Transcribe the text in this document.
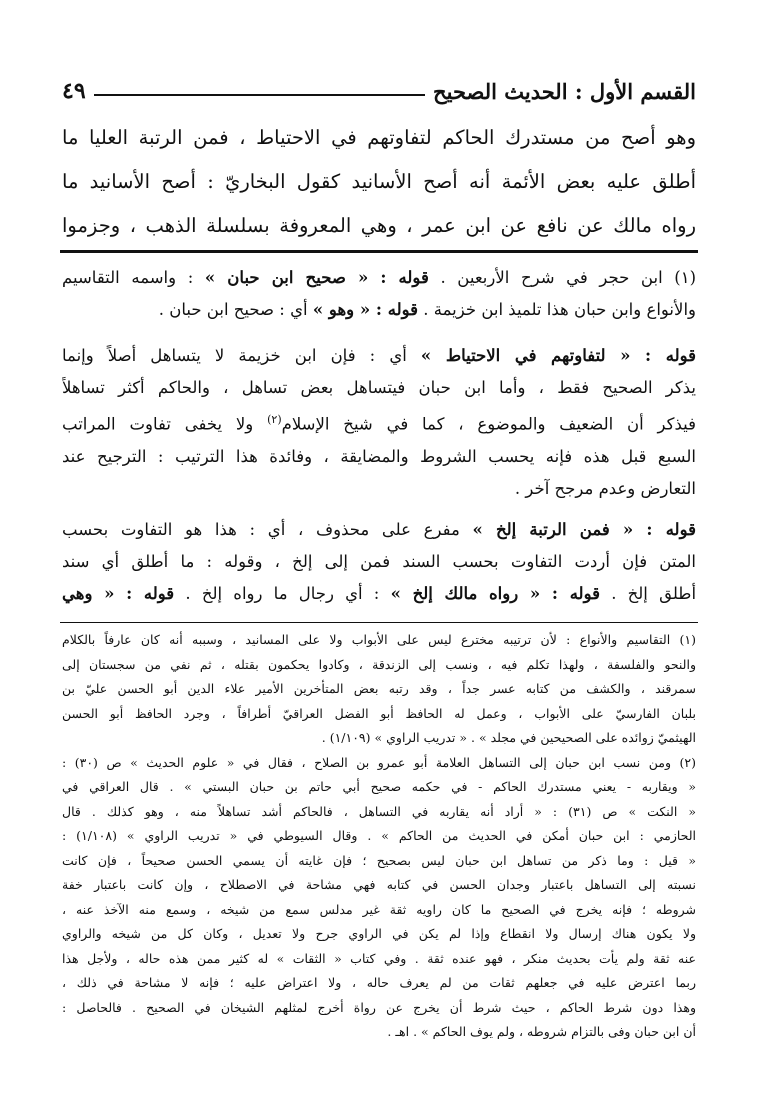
القسم الأول : الحديث الصحيح
٤٩
وهو أصح من مستدرك الحاكم لتفاوتهم في الاحتياط ، فمن الرتبة العليا ما
أطلق عليه بعض الأئمة أنه أصح الأسانيد كقول البخاريّ : أصح الأسانيد ما
رواه مالك عن نافع عن ابن عمر ، وهي المعروفة بسلسلة الذهب ، وجزموا
(١) ابن حجر في شرح الأربعين . قوله : « صحيح ابن حبان » : واسمه التقاسيم
والأنواع وابن حبان هذا تلميذ ابن خزيمة . قوله : « وهو » أي : صحيح ابن حبان .
قوله : « لتفاوتهم في الاحتياط » أي : فإن ابن خزيمة لا يتساهل أصلاً وإنما
يذكر الصحيح فقط ، وأما ابن حبان فيتساهل بعض تساهل ، والحاكم أكثر تساهلاً
فيذكر أن الضعيف والموضوع ، كما في شيخ الإسلام$^{(٢)}$ ولا يخفى تفاوت المراتب
السبع قبل هذه فإنه يحسب الشروط والمضايقة ، وفائدة هذا الترتيب : الترجيح عند
التعارض وعدم مرجح آخر .
قوله : « فمن الرتبة إلخ » مفرع على محذوف ، أي : هذا هو التفاوت بحسب
المتن فإن أردت التفاوت بحسب السند فمن إلى إلخ ، وقوله : ما أطلق أي سند
أطلق إلخ . قوله : « رواه مالك إلخ » : أي رجال ما رواه إلخ . قوله : « وهي
(١) التقاسيم والأنواع : لأن ترتيبه مخترع ليس على الأبواب ولا على المسانيد ، وسببه أنه كان عارفاً بالكلام
والنحو والفلسفة ، ولهذا تكلم فيه ، ونسب إلى الزندقة ، وكادوا يحكمون بقتله ، ثم نفي من سجستان إلى
سمرقند ، والكشف من كتابه عسر جداً ، وقد رتبه بعض المتأخرين الأمير علاء الدين أبو الحسن عليّ بن
بلبان الفارسيّ على الأبواب ، وعمل له الحافظ أبو الفضل العراقيّ أطرافاً ، وجرد الحافظ أبو الحسن
الهيثميّ زوائده على الصحيحين في مجلد » . « تدريب الراوي » (١/١٠٩) .
(٢) ومن نسب ابن حبان إلى التساهل العلامة أبو عمرو بن الصلاح ، فقال في « علوم الحديث » ص (٣٠) :
« ويقاربه - يعني مستدرك الحاكم - في حكمه صحيح أبي حاتم بن حبان البستي » . قال العراقي في
« النكت » ص (٣١) : « أراد أنه يقاربه في التساهل ، فالحاكم أشد تساهلاً منه ، وهو كذلك . قال
الحازمي : ابن حبان أمكن في الحديث من الحاكم » . وقال السيوطي في « تدريب الراوي » (١/١٠٨) :
« قيل : وما ذكر من تساهل ابن حبان ليس بصحيح ؛ فإن غايته أن يسمي الحسن صحيحاً ، فإن كانت
نسبته إلى التساهل باعتبار وجدان الحسن في كتابه فهي مشاحة في الاصطلاح ، وإن كانت باعتبار خفة
شروطه ؛ فإنه يخرج في الصحيح ما كان راويه ثقة غير مدلس سمع من شيخه ، وسمع منه الآخذ عنه ،
ولا يكون هناك إرسال ولا انقطاع وإذا لم يكن في الراوي جرح ولا تعديل ، وكان كل من شيخه والراوي
عنه ثقة ولم يأت بحديث منكر ، فهو عنده ثقة . وفي كتاب « الثقات » له كثير ممن هذه حاله ، ولأجل هذا
ربما اعترض عليه في جعلهم ثقات من لم يعرف حاله ، ولا اعتراض عليه ؛ فإنه لا مشاحة في ذلك ،
وهذا دون شرط الحاكم ، حيث شرط أن يخرج عن رواة أخرج لمثلهم الشيخان في الصحيح . فالحاصل :
أن ابن حبان وفى بالتزام شروطه ، ولم يوف الحاكم » . اهـ .
